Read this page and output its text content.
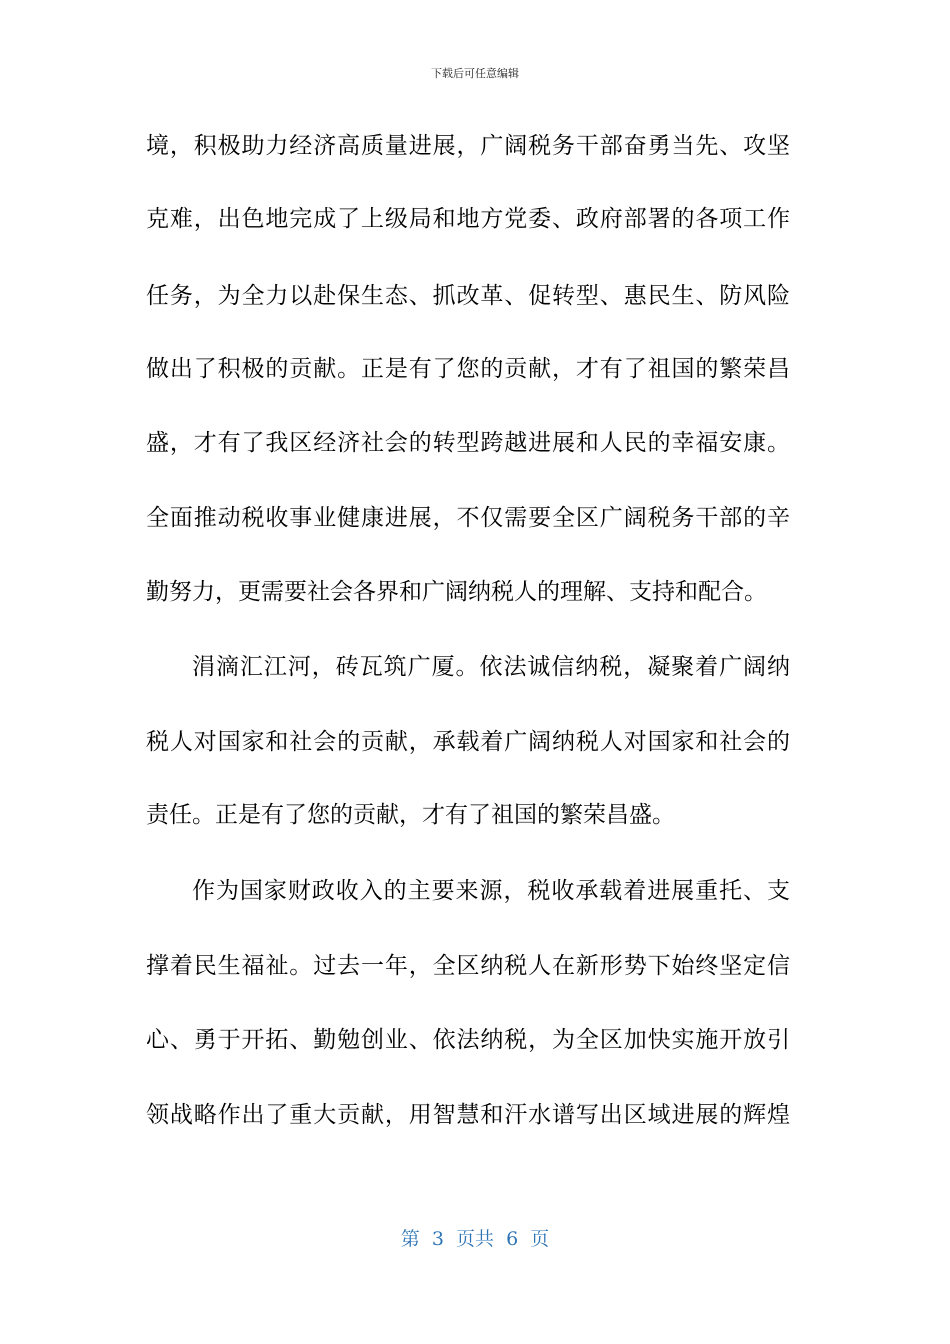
下载后可任意编辑
境，积极助力经济高质量进展，广阔税务干部奋勇当先、攻坚
克难，出色地完成了上级局和地方党委、政府部署的各项工作
任务，为全力以赴保生态、抓改革、促转型、惠民生、防风险
做出了积极的贡献。正是有了您的贡献，才有了祖国的繁荣昌
盛，才有了我区经济社会的转型跨越进展和人民的幸福安康。
全面推动税收事业健康进展，不仅需要全区广阔税务干部的辛
勤努力，更需要社会各界和广阔纳税人的理解、支持和配合。
涓滴汇江河，砖瓦筑广厦。依法诚信纳税，凝聚着广阔纳
税人对国家和社会的贡献，承载着广阔纳税人对国家和社会的
责任。正是有了您的贡献，才有了祖国的繁荣昌盛。
作为国家财政收入的主要来源，税收承载着进展重托、支
撑着民生福祉。过去一年，全区纳税人在新形势下始终坚定信
心、勇于开拓、勤勉创业、依法纳税，为全区加快实施开放引
领战略作出了重大贡献，用智慧和汗水谱写出区域进展的辉煌
第  3  页共  6  页
